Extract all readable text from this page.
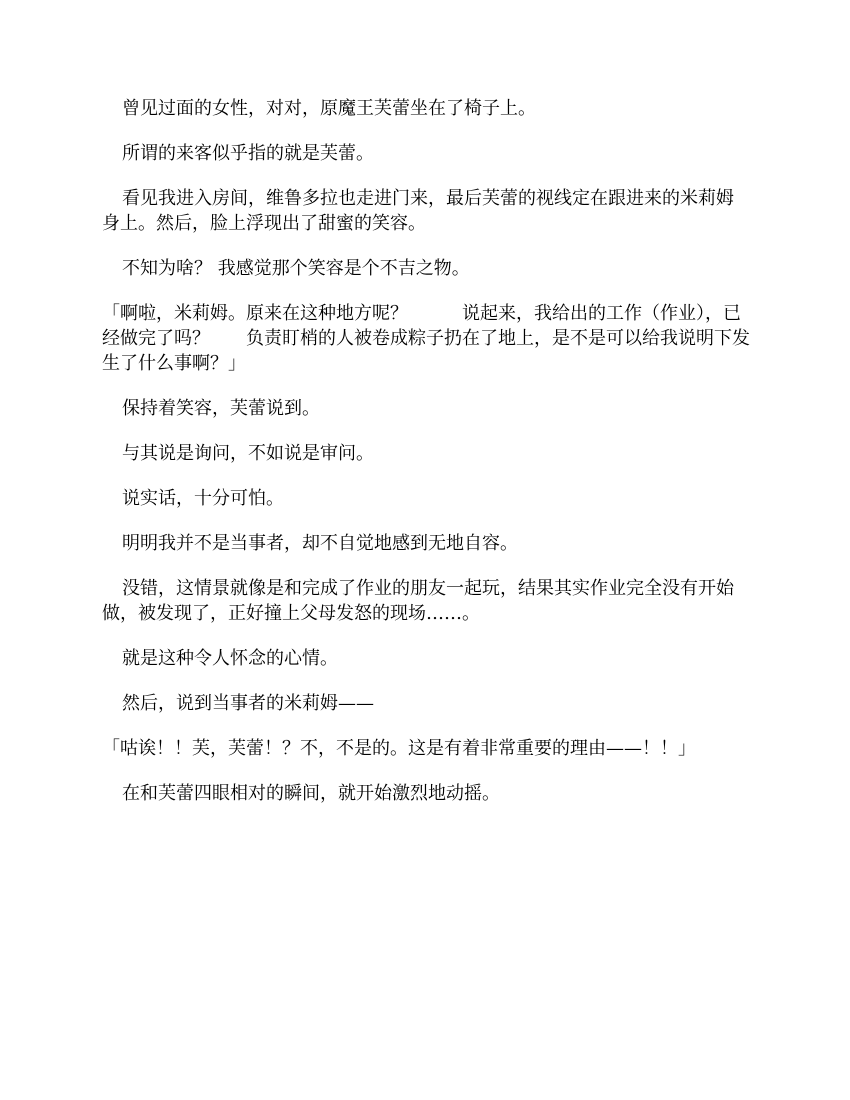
曾见过面的女性，对对，原魔王芙蕾坐在了椅子上。

所谓的来客似乎指的就是芙蕾。

看见我进入房间，维鲁多拉也走进门来，最后芙蕾的视线定在跟进来的米莉姆身上。然后，脸上浮现出了甜蜜的笑容。

不知为啥？ 我感觉那个笑容是个不吉之物。

「啊啦，米莉姆。原来在这种地方呢？　　　说起来，我给出的工作（作业），已经做完了吗？　　负责盯梢的人被卷成粽子扔在了地上，是不是可以给我说明下发生了什么事啊？」

保持着笑容，芙蕾说到。

与其说是询问，不如说是审问。

说实话，十分可怕。

明明我并不是当事者，却不自觉地感到无地自容。

没错，这情景就像是和完成了作业的朋友一起玩，结果其实作业完全没有开始做，被发现了，正好撞上父母发怒的现场……。

就是这种令人怀念的心情。

然后，说到当事者的米莉姆——

「咕诶！！芙，芙蕾！？不，不是的。这是有着非常重要的理由——！！」

在和芙蕾四眼相对的瞬间，就开始激烈地动摇。
